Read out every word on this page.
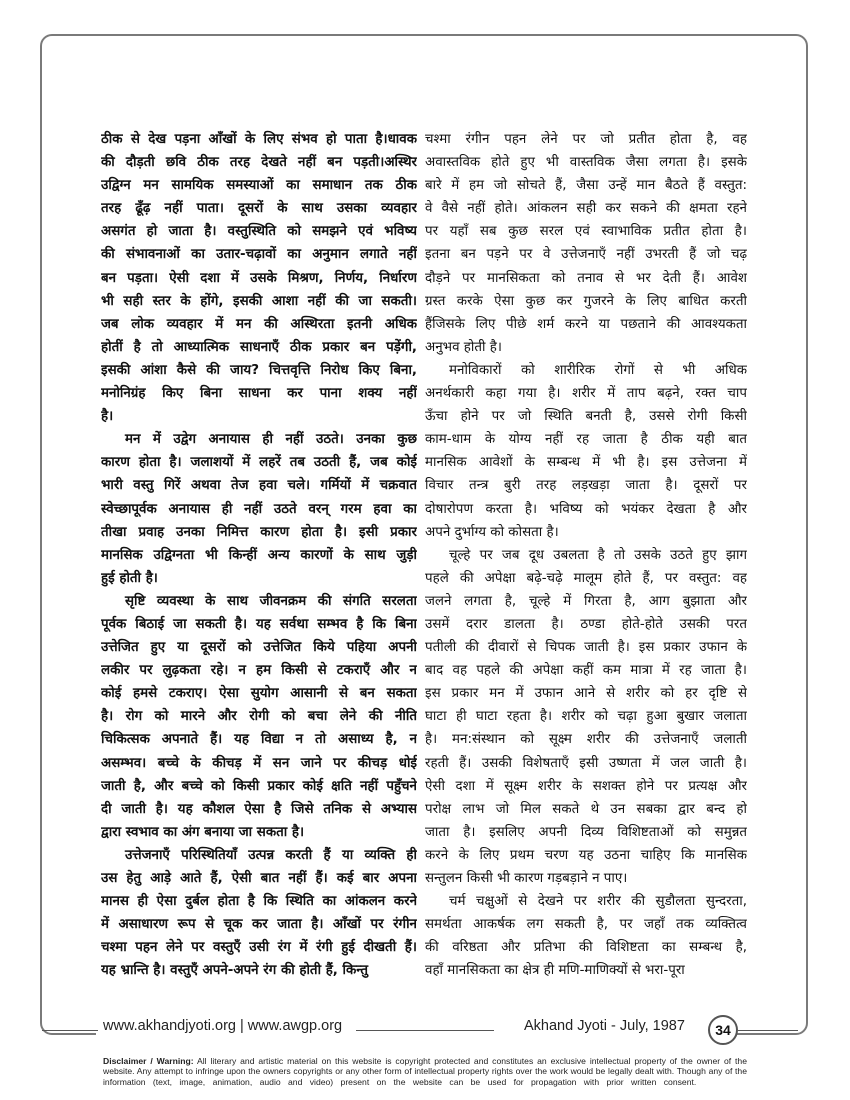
ठीक से देख पड़ना आँखों के लिए संभव हो पाता है।धावक
की दौड़ती छवि ठीक तरह देखते नहीं बन पड़ती।अस्थिर
उद्विग्न मन सामयिक समस्याओं का समाधान तक ठीक
तरह ढूँढ़ नहीं पाता। दूसरों के साथ उसका व्यवहार
असगंत हो जाता है। वस्तुस्थिति को समझने एवं भविष्य
की संभावनाओं का उतार-चढ़ावों का अनुमान लगाते नहीं
बन पड़ता। ऐसी दशा में उसके मिश्रण, निर्णय, निर्धारण
भी सही स्तर के होंगे, इसकी आशा नहीं की जा सकती।
जब लोक व्यवहार में मन की अस्थिरता इतनी अधिक
होतीं है तो आध्यात्मिक साधनाएँ ठीक प्रकार बन पड़ेंगी,
इसकी आंशा कैसे की जाय? चित्तवृत्ति निरोध किए बिना,
मनोनिग्रंह किए बिना साधना कर पाना शक्य नहीं
है।

मन में उद्वेग अनायास ही नहीं उठते। उनका कुछ
कारण होता है। जलाशयों में लहरें तब उठती हैं, जब कोई
भारी वस्तु गिरें अथवा तेज हवा चले। गर्मियों में चक्रवात
स्वेच्छापूर्वक अनायास ही नहीं उठते वरन् गरम हवा का
तीखा प्रवाह उनका निमित्त कारण होता है। इसी प्रकार
मानसिक उद्विग्नता भी किन्हीं अन्य कारणों के साथ जुड़ी
हुई होती है।

सृष्टि व्यवस्था के साथ जीवनक्रम की संगति सरलता
पूर्वक बिठाई जा सकती है। यह सर्वथा सम्भव है कि बिना
उत्तेजित हुए या दूसरों को उत्तेजित किये पहिया अपनी
लकीर पर लुढ़कता रहे। न हम किसी से टकराएँ और न
कोई हमसे टकराए। ऐसा सुयोग आसानी से बन सकता
है। रोग को मारने और रोगी को बचा लेने की नीति
चिकित्सक अपनाते हैं। यह विद्या न तो असाध्य है, न
असम्भव। बच्चे के कीचड़ में सन जाने पर कीचड़ धोई
जाती है, और बच्चे को किसी प्रकार कोई क्षति नहीं पहुँचने
दी जाती है। यह कौशल ऐसा है जिसे तनिक से अभ्यास
द्वारा स्वभाव का अंग बनाया जा सकता है।

उत्तेजनाएँ परिस्थितियाँ उत्पन्न करती हैं या व्यक्ति ही
उस हेतु आड़े आते हैं, ऐसी बात नहीं हैं। कई बार अपना
मानस ही ऐसा दुर्बल होता है कि स्थिति का आंकलन करने
में असाधारण रूप से चूक कर जाता है। आँखों पर रंगीन
चश्मा पहन लेने पर वस्तुएँ उसी रंग में रंगी हुई दीखती हैं।
यह भ्रान्ति है। वस्तुएँ अपने-अपने रंग की होती हैं, किन्तु

चश्मा रंगीन पहन लेने पर जो प्रतीत होता है, वह
अवास्तविक होते हुए भी वास्तविक जैसा लगता है। इसके
बारे में हम जो सोचते हैं, जैसा उन्हें मान बैठते हैं वस्तुत:
वे वैसे नहीं होते। आंकलन सही कर सकने की क्षमता रहने
पर यहाँ सब कुछ सरल एवं स्वाभाविक प्रतीत होता है।
इतना बन पड़ने पर वे उत्तेजनाएँ नहीं उभरती हैं जो चढ़
दौड़ने पर मानसिकता को तनाव से भर देती हैं। आवेश
ग्रस्त करके ऐसा कुछ कर गुजरने के लिए बाधित करती
हैंजिसके लिए पीछे शर्म करने या पछताने की आवश्यकता
अनुभव होती है।

मनोविकारों को शारीरिक रोगों से भी अधिक
अनर्थकारी कहा गया है। शरीर में ताप बढ़ने, रक्त चाप
ऊँचा होने पर जो स्थिति बनती है, उससे रोगी किसी
काम-धाम के योग्य नहीं रह जाता है ठीक यही बात
मानसिक आवेशों के सम्बन्ध में भी है। इस उत्तेजना में
विचार तन्त्र बुरी तरह लड़खड़ा जाता है। दूसरों पर
दोषारोपण करता है। भविष्य को भयंकर देखता है और
अपने दुर्भाग्य को कोसता है।

चूल्हे पर जब दूध उबलता है तो उसके उठते हुए झाग
पहले की अपेक्षा बढ़े-चढ़े मालूम होते हैं, पर वस्तुत: वह
जलने लगता है, चूल्हे में गिरता है, आग बुझाता और
उसमें दरार डालता है। ठण्डा होते-होते उसकी परत
पतीली की दीवारों से चिपक जाती है। इस प्रकार उफान के
बाद वह पहले की अपेक्षा कहीं कम मात्रा में रह जाता है।
इस प्रकार मन में उफान आने से शरीर को हर दृष्टि से
घाटा ही घाटा रहता है। शरीर को चढ़ा हुआ बुखार जलाता
है। मन:संस्थान को सूक्ष्म शरीर की उत्तेजनाएँ जलाती
रहती हैं। उसकी विशेषताएँ इसी उष्णता में जल जाती है।
ऐसी दशा में सूक्ष्म शरीर के सशक्त होने पर प्रत्यक्ष और
परोक्ष लाभ जो मिल सकते थे उन सबका द्वार बन्द हो
जाता है। इसलिए अपनी दिव्य विशिष्टताओं को समुन्नत
करने के लिए प्रथम चरण यह उठना चाहिए कि मानसिक
सन्तुलन किसी भी कारण गड़बड़ाने न पाए।

चर्म चक्षुओं से देखने पर शरीर की सुडौलता सुन्दरता,
समर्थता आकर्षक लग सकती है, पर जहाँ तक व्यक्तित्व
की वरिष्ठता और प्रतिभा की विशिष्टता का सम्बन्ध है,
वहाँ मानसिकता का क्षेत्र ही मणि-माणिक्यों से भरा-पूरा

www.akhandjyoti.org | www.awgp.org	Akhand Jyoti - July, 1987	34
Disclaimer / Warning: All literary and artistic material on this website is copyright protected and constitutes an exclusive intellectual property of the owner of the
website. Any attempt to infringe upon the owners copyrights or any other form of intellectual property rights over the work would be legally dealt with. Though any of the
information (text, image, animation, audio and video) present on the website can be used for propagation with prior written consent.
